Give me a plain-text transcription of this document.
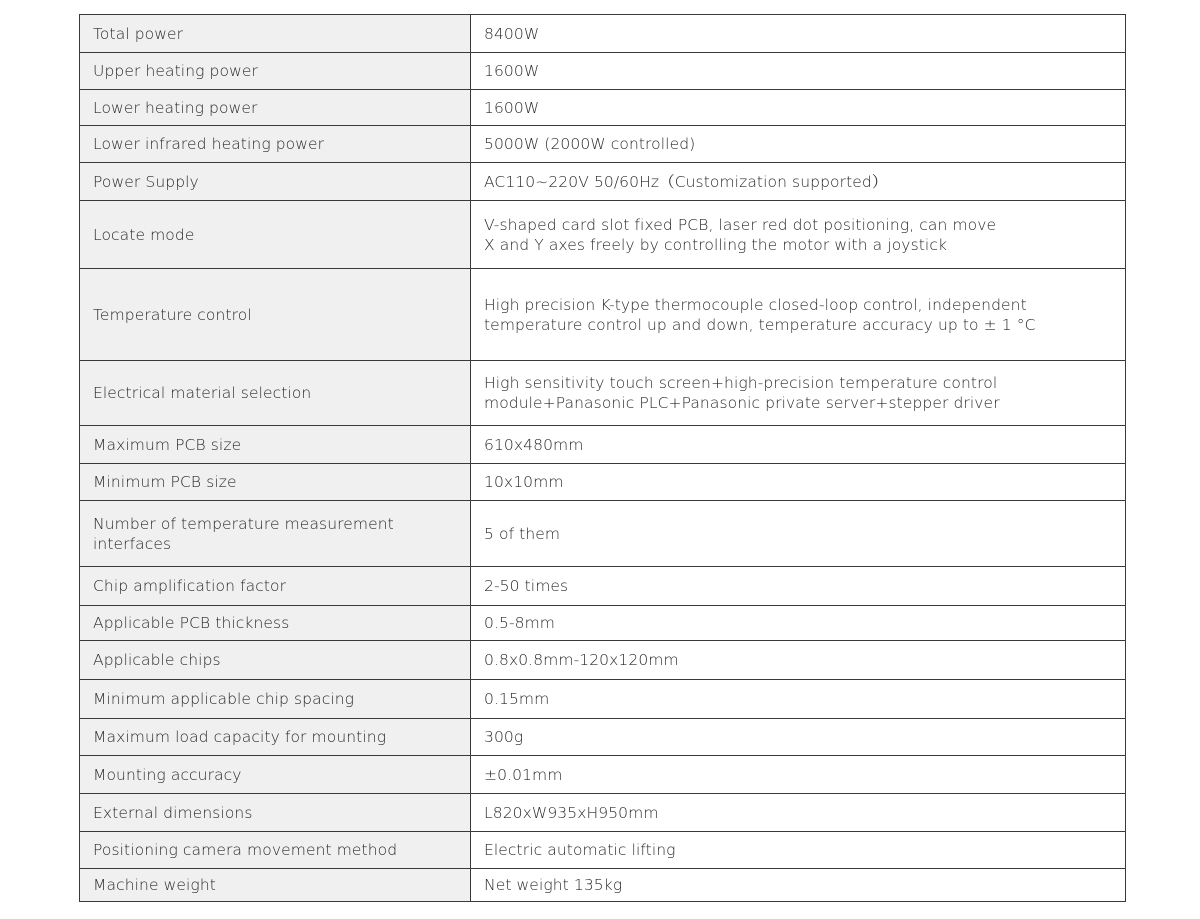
Total power	8400W
Upper heating power	1600W
Lower heating power	1600W
Lower infrared heating power	5000W (2000W controlled)
Power Supply	AC110~220V 50/60Hz（Customization supported）
Locate mode	V-shaped card slot fixed PCB, laser red dot positioning, can move
X and Y axes freely by controlling the motor with a joystick
Temperature control	High precision K-type thermocouple closed-loop control, independent
temperature control up and down, temperature accuracy up to ± 1 °C
Electrical material selection	High sensitivity touch screen+high-precision temperature control
module+Panasonic PLC+Panasonic private server+stepper driver
Maximum PCB size	610x480mm
Minimum PCB size	10x10mm
Number of temperature measurement
interfaces	5 of them
Chip amplification factor	2-50 times
Applicable PCB thickness	0.5-8mm
Applicable chips	0.8x0.8mm-120x120mm
Minimum applicable chip spacing	0.15mm
Maximum load capacity for mounting	300g
Mounting accuracy	±0.01mm
External dimensions	L820xW935xH950mm
Positioning camera movement method	Electric automatic lifting
Machine weight	Net weight 135kg
